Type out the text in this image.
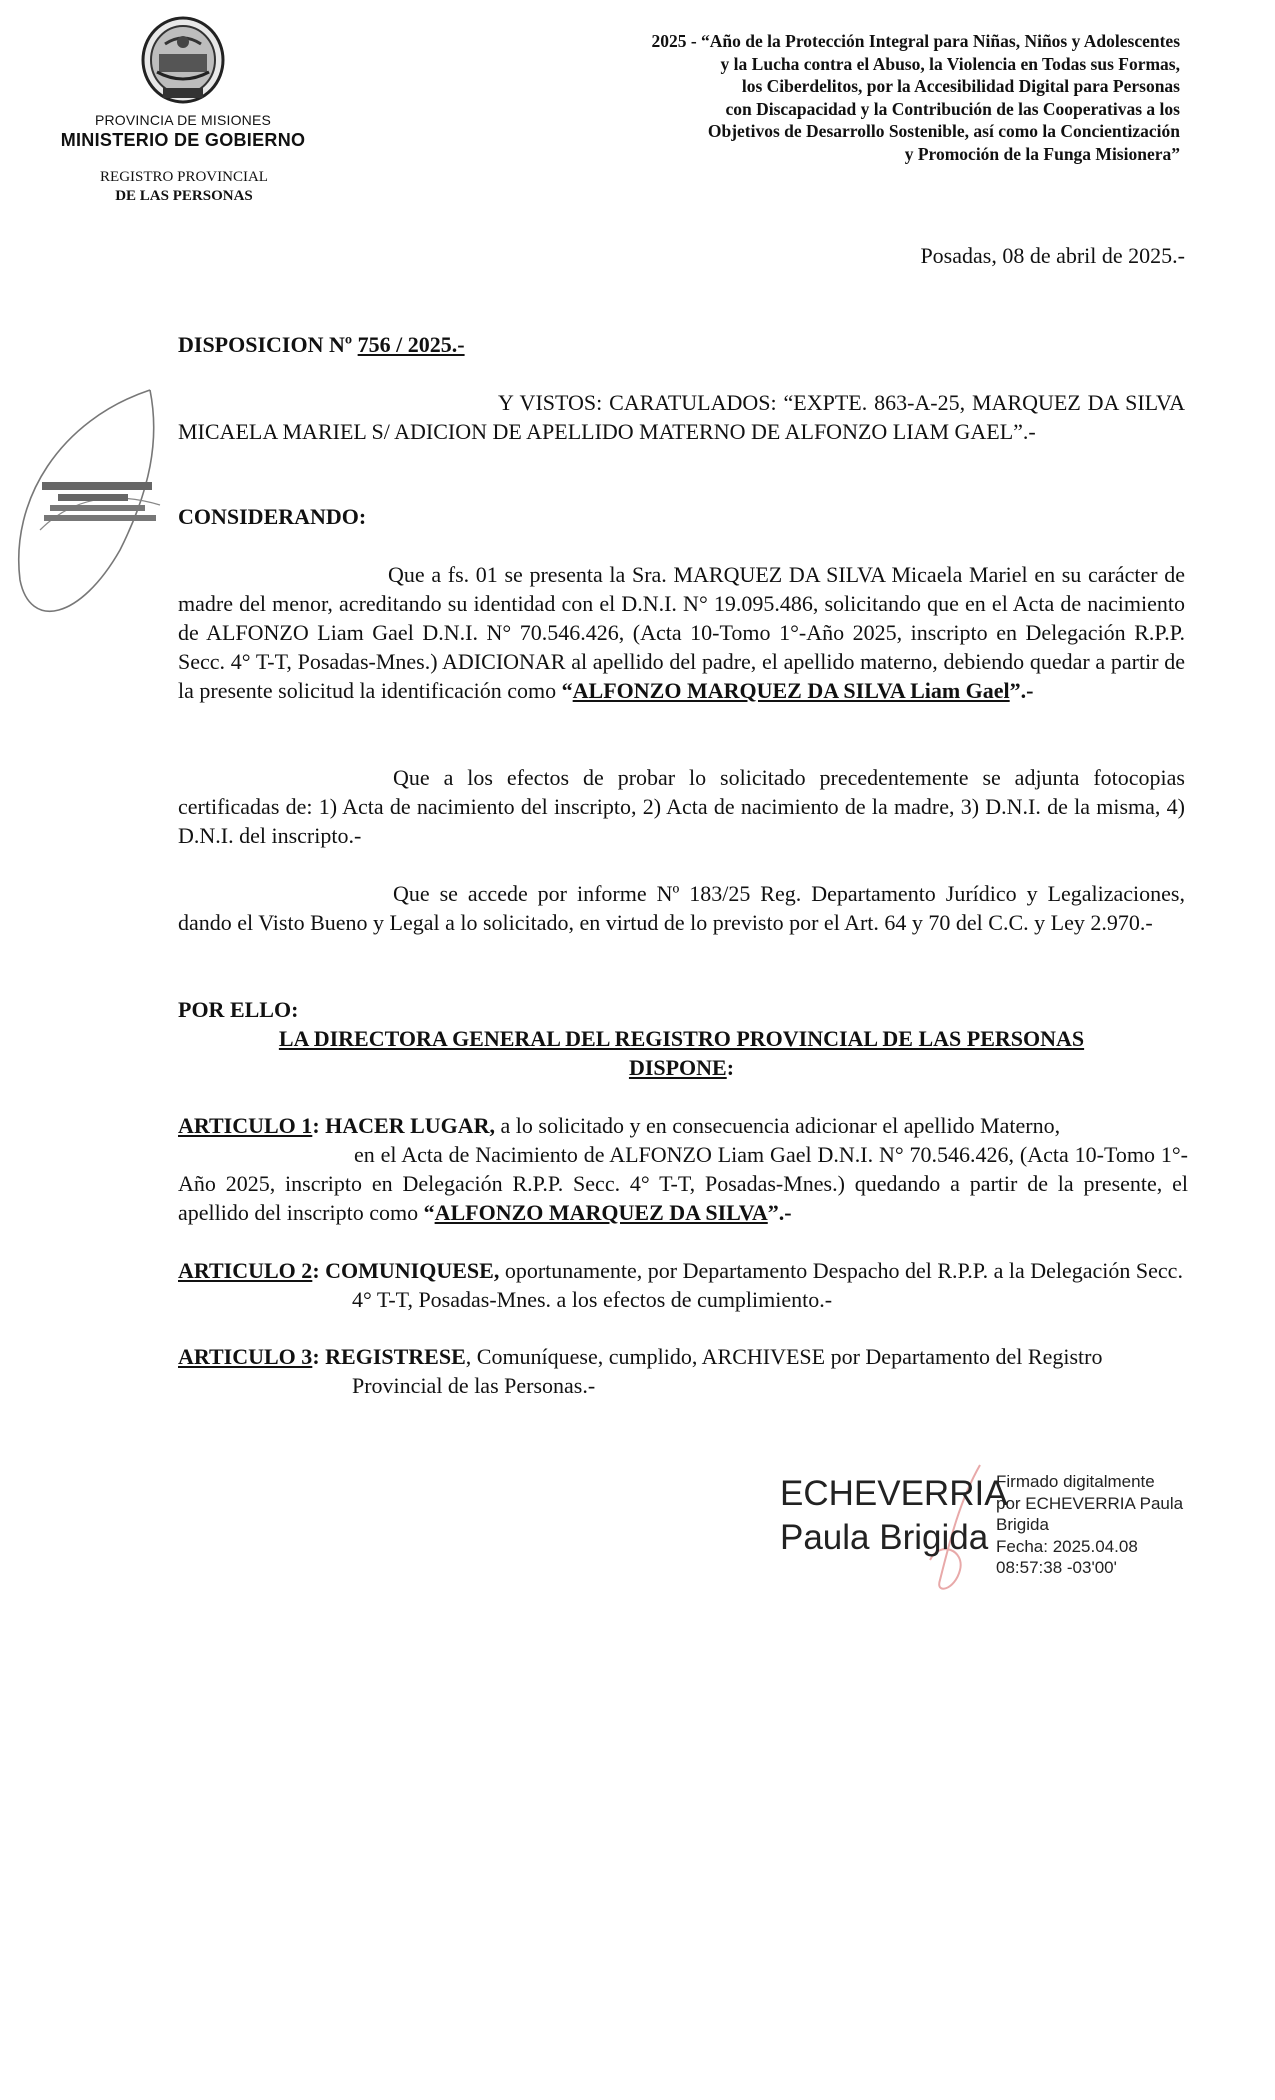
PROVINCIA DE MISIONES
MINISTERIO DE GOBIERNO
REGISTRO PROVINCIAL
DE LAS PERSONAS
2025 - “Año de la Protección Integral para Niñas, Niños y Adolescentes
y la Lucha contra el Abuso, la Violencia en Todas sus Formas,
los Ciberdelitos, por la Accesibilidad Digital para Personas
con Discapacidad y la Contribución de las Cooperativas a los
Objetivos de Desarrollo Sostenible, así como la Concientización
y Promoción de la Funga Misionera”
Posadas, 08 de abril de 2025.-
DISPOSICION Nº 756 / 2025.-
Y VISTOS: CARATULADOS: “EXPTE. 863-A-25, MARQUEZ DA SILVA MICAELA MARIEL S/ ADICION DE APELLIDO MATERNO DE ALFONZO LIAM GAEL”.-
CONSIDERANDO:
Que a fs. 01 se presenta la Sra. MARQUEZ DA SILVA Micaela Mariel en su carácter de madre del menor, acreditando su identidad con el D.N.I. N° 19.095.486, solicitando que en el Acta de nacimiento de ALFONZO Liam Gael D.N.I. N° 70.546.426, (Acta 10-Tomo 1°-Año 2025, inscripto en Delegación R.P.P. Secc. 4° T-T, Posadas-Mnes.) ADICIONAR al apellido del padre, el apellido materno, debiendo quedar a partir de la presente solicitud la identificación como “ALFONZO MARQUEZ DA SILVA Liam Gael”.-
Que a los efectos de probar lo solicitado precedentemente se adjunta fotocopias certificadas de: 1) Acta de nacimiento del inscripto, 2) Acta de nacimiento de la madre, 3) D.N.I. de la misma, 4) D.N.I. del inscripto.-
Que se accede por informe Nº 183/25 Reg. Departamento Jurídico y Legalizaciones, dando el Visto Bueno y Legal a lo solicitado, en virtud de lo previsto por el Art. 64 y 70 del C.C. y Ley 2.970.-
POR ELLO:
LA DIRECTORA GENERAL DEL REGISTRO PROVINCIAL DE LAS PERSONAS
DISPONE:
ARTICULO 1: HACER LUGAR, a lo solicitado y en consecuencia adicionar el apellido Materno,
en el Acta de Nacimiento de ALFONZO Liam Gael D.N.I. N° 70.546.426, (Acta 10-Tomo 1°-Año 2025, inscripto en Delegación R.P.P. Secc. 4° T-T, Posadas-Mnes.) quedando a partir de la presente, el apellido del inscripto como “ALFONZO MARQUEZ DA SILVA”.-
ARTICULO 2: COMUNIQUESE, oportunamente, por Departamento Despacho del R.P.P. a la Delegación Secc. 4° T-T, Posadas-Mnes. a los efectos de cumplimiento.-
ARTICULO 3: REGISTRESE, Comuníquese, cumplido, ARCHIVESE por Departamento del Registro Provincial de las Personas.-
ECHEVERRIA
Paula Brigida
Firmado digitalmente
por ECHEVERRIA Paula
Brigida
Fecha: 2025.04.08
08:57:38 -03'00'
